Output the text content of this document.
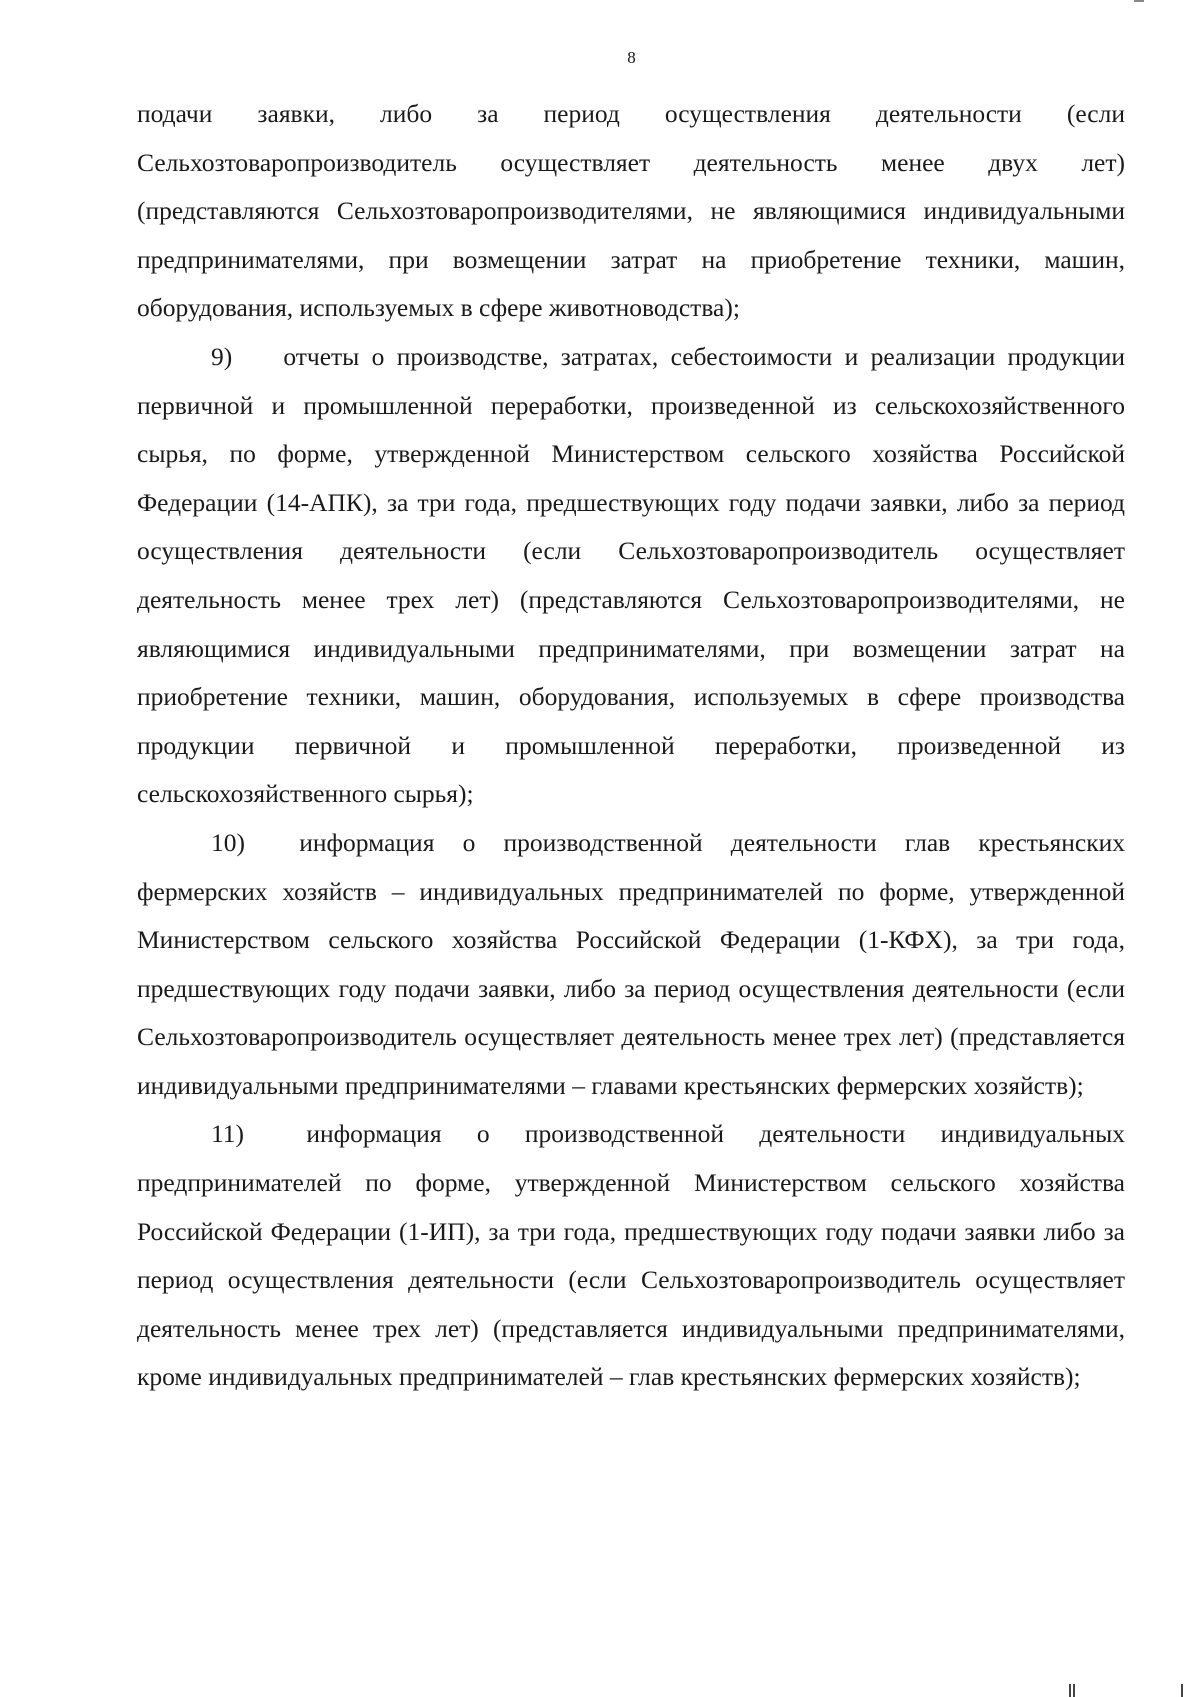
8

подачи заявки, либо за период осуществления деятельности (если Сельхозтоваропроизводитель осуществляет деятельность менее двух лет) (представляются Сельхозтоваропроизводителями, не являющимися индивидуальными предпринимателями, при возмещении затрат на приобретение техники, машин, оборудования, используемых в сфере животноводства);

9) отчеты о производстве, затратах, себестоимости и реализации продукции первичной и промышленной переработки, произведенной из сельскохозяйственного сырья, по форме, утвержденной Министерством сельского хозяйства Российской Федерации (14-АПК), за три года, предшествующих году подачи заявки, либо за период осуществления деятельности (если Сельхозтоваропроизводитель осуществляет деятельность менее трех лет) (представляются Сельхозтоваропроизводителями, не являющимися индивидуальными предпринимателями, при возмещении затрат на приобретение техники, машин, оборудования, используемых в сфере производства продукции первичной и промышленной переработки, произведенной из сельскохозяйственного сырья);

10) информация о производственной деятельности глав крестьянских фермерских хозяйств – индивидуальных предпринимателей по форме, утвержденной Министерством сельского хозяйства Российской Федерации (1-КФХ), за три года, предшествующих году подачи заявки, либо за период осуществления деятельности (если Сельхозтоваропроизводитель осуществляет деятельность менее трех лет) (представляется индивидуальными предпринимателями – главами крестьянских фермерских хозяйств);

11) информация о производственной деятельности индивидуальных предпринимателей по форме, утвержденной Министерством сельского хозяйства Российской Федерации (1-ИП), за три года, предшествующих году подачи заявки либо за период осуществления деятельности (если Сельхозтоваропроизводитель осуществляет деятельность менее трех лет) (представляется индивидуальными предпринимателями, кроме индивидуальных предпринимателей – глав крестьянских фермерских хозяйств);
